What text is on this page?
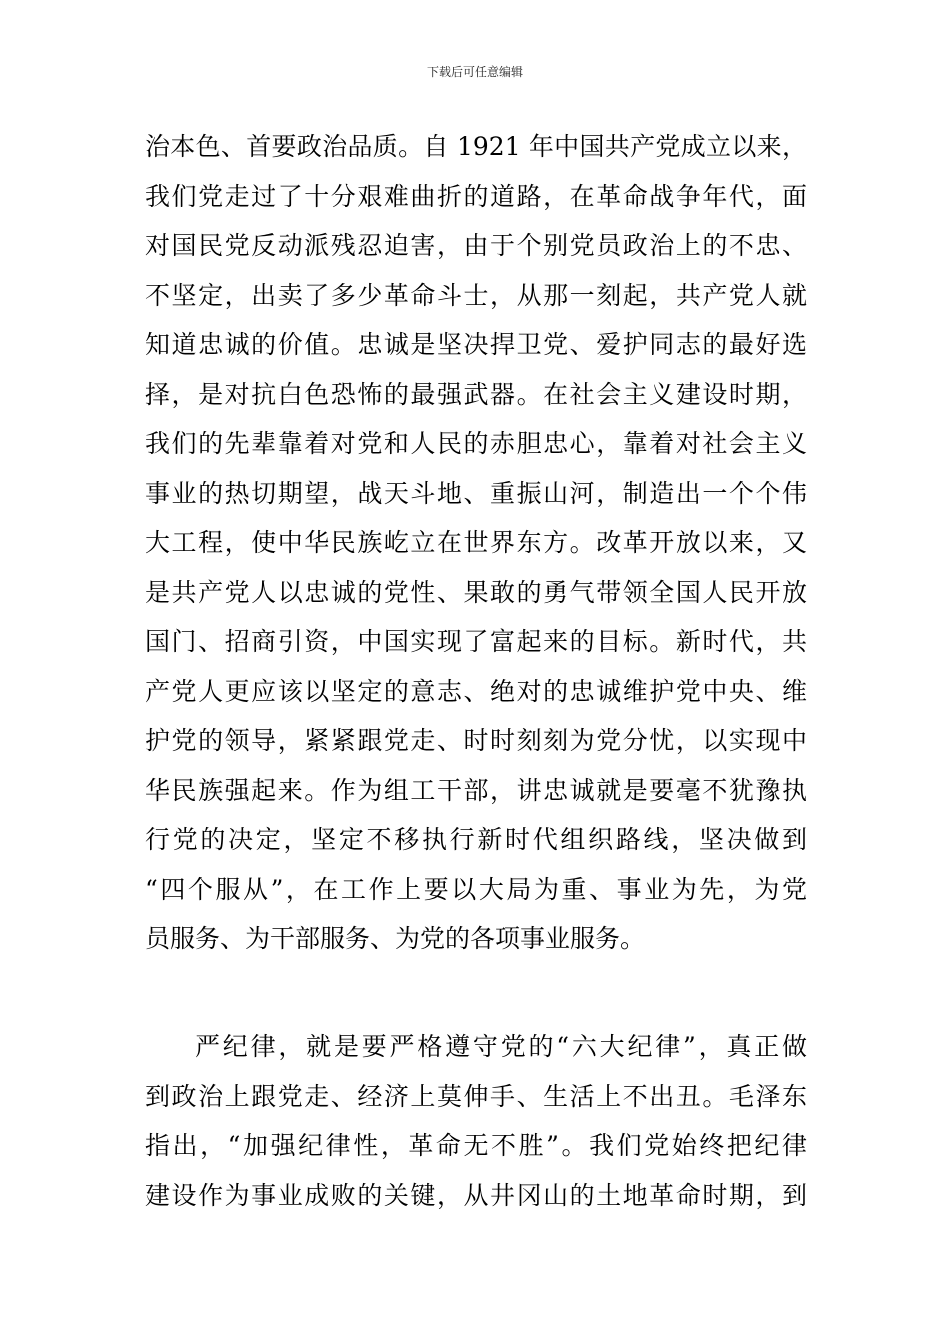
下载后可任意编辑
治本色、首要政治品质。自 1921 年中国共产党成立以来，
我们党走过了十分艰难曲折的道路，在革命战争年代，面
对国民党反动派残忍迫害，由于个别党员政治上的不忠、
不坚定，出卖了多少革命斗士，从那一刻起，共产党人就
知道忠诚的价值。忠诚是坚决捍卫党、爱护同志的最好选
择，是对抗白色恐怖的最强武器。在社会主义建设时期，
我们的先辈靠着对党和人民的赤胆忠心，靠着对社会主义
事业的热切期望，战天斗地、重振山河，制造出一个个伟
大工程，使中华民族屹立在世界东方。改革开放以来，又
是共产党人以忠诚的党性、果敢的勇气带领全国人民开放
国门、招商引资，中国实现了富起来的目标。新时代，共
产党人更应该以坚定的意志、绝对的忠诚维护党中央、维
护党的领导，紧紧跟党走、时时刻刻为党分忧，以实现中
华民族强起来。作为组工干部，讲忠诚就是要毫不犹豫执
行党的决定，坚定不移执行新时代组织路线，坚决做到
“四个服从”，在工作上要以大局为重、事业为先，为党
员服务、为干部服务、为党的各项事业服务。
严纪律，就是要严格遵守党的“六大纪律”，真正做
到政治上跟党走、经济上莫伸手、生活上不出丑。毛泽东
指出，“加强纪律性，革命无不胜”。我们党始终把纪律
建设作为事业成败的关键，从井冈山的土地革命时期，到
